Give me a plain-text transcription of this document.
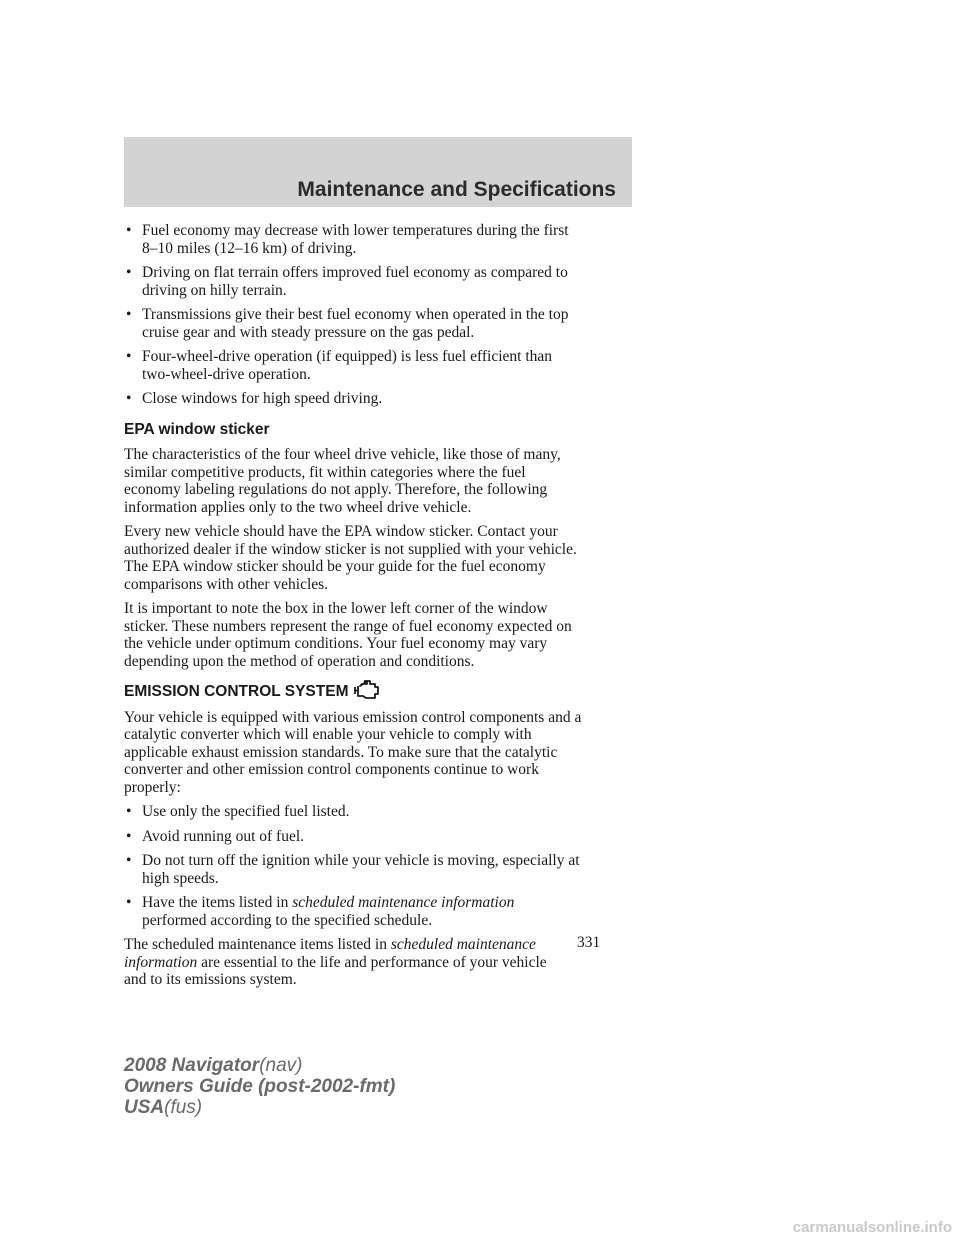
Maintenance and Specifications
• Fuel economy may decrease with lower temperatures during the first
8–10 miles (12–16 km) of driving.
• Driving on flat terrain offers improved fuel economy as compared to
driving on hilly terrain.
• Transmissions give their best fuel economy when operated in the top
cruise gear and with steady pressure on the gas pedal.
• Four-wheel-drive operation (if equipped) is less fuel efficient than
two-wheel-drive operation.
• Close windows for high speed driving.
EPA window sticker
The characteristics of the four wheel drive vehicle, like those of many,
similar competitive products, fit within categories where the fuel
economy labeling regulations do not apply. Therefore, the following
information applies only to the two wheel drive vehicle.
Every new vehicle should have the EPA window sticker. Contact your
authorized dealer if the window sticker is not supplied with your vehicle.
The EPA window sticker should be your guide for the fuel economy
comparisons with other vehicles.
It is important to note the box in the lower left corner of the window
sticker. These numbers represent the range of fuel economy expected on
the vehicle under optimum conditions. Your fuel economy may vary
depending upon the method of operation and conditions.
EMISSION CONTROL SYSTEM
Your vehicle is equipped with various emission control components and a
catalytic converter which will enable your vehicle to comply with
applicable exhaust emission standards. To make sure that the catalytic
converter and other emission control components continue to work
properly:
• Use only the specified fuel listed.
• Avoid running out of fuel.
• Do not turn off the ignition while your vehicle is moving, especially at
high speeds.
• Have the items listed in scheduled maintenance information
performed according to the specified schedule.
The scheduled maintenance items listed in scheduled maintenance
information are essential to the life and performance of your vehicle
and to its emissions system.
331
2008 Navigator(nav)
Owners Guide (post-2002-fmt)
USA(fus)
carmanualsonline.info
